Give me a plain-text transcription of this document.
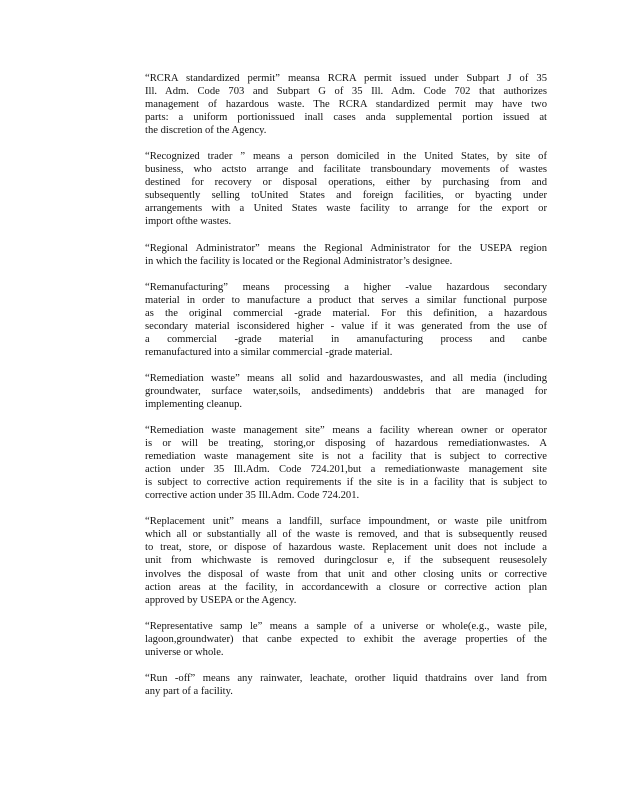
“RCRA standardized permit” meansa RCRA permit issued under Subpart J of 35
Ill. Adm. Code 703 and Subpart G of 35 Ill. Adm. Code 702 that authorizes
management of hazardous waste. The RCRA standardized permit may have two
parts: a uniform portionissued inall cases anda supplemental portion issued at
the discretion of the Agency.
“Recognized trader ” means a person domiciled in the United States, by site of
business, who actsto arrange and facilitate transboundary movements of wastes
destined for recovery or disposal operations, either by purchasing from and
subsequently selling toUnited States and foreign facilities, or byacting under
arrangements with a United States waste facility to arrange for the export or
import ofthe wastes.
“Regional Administrator” means the Regional Administrator for the USEPA region
in which the facility is located or the Regional Administrator’s designee.
“Remanufacturing” means processing a higher -value hazardous secondary
material in order to manufacture a product that serves a similar functional purpose
as the original commercial -grade material. For this definition, a hazardous
secondary material isconsidered higher - value if it was generated from the use of
a commercial -grade material in amanufacturing process and canbe
remanufactured into a similar commercial -grade material.
“Remediation waste” means all solid and hazardouswastes, and all media (including
groundwater, surface water,soils, andsediments) anddebris that are managed for
implementing cleanup.
“Remediation waste management site” means a facility wherean owner or operator
is or will be treating, storing,or disposing of hazardous remediationwastes. A
remediation waste management site is not a facility that is subject to corrective
action under 35 Ill.Adm. Code 724.201,but a remediationwaste management site
is subject to corrective action requirements if the site is in a facility that is subject to
corrective action under 35 Ill.Adm. Code 724.201.
“Replacement unit” means a landfill, surface impoundment, or waste pile unitfrom
which all or substantially all of the waste is removed, and that is subsequently reused
to treat, store, or dispose of hazardous waste. Replacement unit does not include a
unit from whichwaste is removed duringclosur e, if the subsequent reusesolely
involves the disposal of waste from that unit and other closing units or corrective
action areas at the facility, in accordancewith a closure or corrective action plan
approved by USEPA or the Agency.
“Representative samp le” means a sample of a universe or whole(e.g., waste pile,
lagoon,groundwater) that canbe expected to exhibit the average properties of the
universe or whole.
“Run -off” means any rainwater, leachate, orother liquid thatdrains over land from
any part of a facility.
